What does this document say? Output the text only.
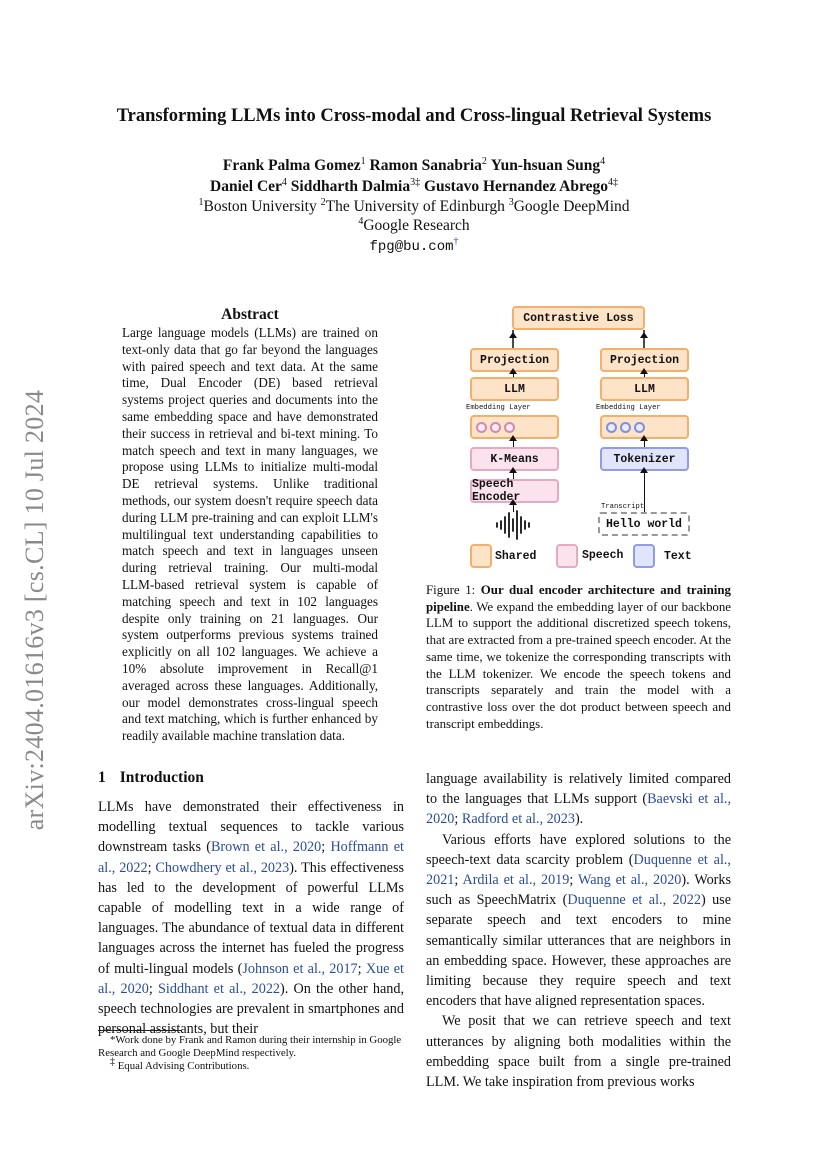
arXiv:2404.01616v3 [cs.CL] 10 Jul 2024
Transforming LLMs into Cross-modal and Cross-lingual Retrieval Systems
Frank Palma Gomez$^1$ Ramon Sanabria$^2$ Yun-hsuan Sung$^4$
Daniel Cer$^4$ Siddharth Dalmia$^{3\ddagger}$ Gustavo Hernandez Abrego$^{4\ddagger}$
$^1$Boston University $^2$The University of Edinburgh $^3$Google DeepMind
$^4$Google Research
fpg@bu.com†
Abstract
Large language models (LLMs) are trained on text-only data that go far beyond the languages with paired speech and text data. At the same time, Dual Encoder (DE) based retrieval systems project queries and documents into the same embedding space and have demonstrated their success in retrieval and bi-text mining. To match speech and text in many languages, we propose using LLMs to initialize multi-modal DE retrieval systems. Unlike traditional methods, our system doesn't require speech data during LLM pre-training and can exploit LLM's multilingual text understanding capabilities to match speech and text in languages unseen during retrieval training. Our multi-modal LLM-based retrieval system is capable of matching speech and text in 102 languages despite only training on 21 languages. Our system outperforms previous systems trained explicitly on all 102 languages. We achieve a 10% absolute improvement in Recall@1 averaged across these languages. Additionally, our model demonstrates cross-lingual speech and text matching, which is further enhanced by readily available machine translation data.
Contrastive Loss
Projection
LLM
Embedding Layer
K-Means
Speech Encoder
Projection
LLM
Embedding Layer
Tokenizer
Transcript
Hello world
Shared	Speech	Text
Figure 1: Our dual encoder architecture and training pipeline. We expand the embedding layer of our backbone LLM to support the additional discretized speech tokens, that are extracted from a pre-trained speech encoder. At the same time, we tokenize the corresponding transcripts with the LLM tokenizer. We encode the speech tokens and transcripts separately and train the model with a contrastive loss over the dot product between speech and transcript embeddings.
1 Introduction
LLMs have demonstrated their effectiveness in modelling textual sequences to tackle various downstream tasks (Brown et al., 2020; Hoffmann et al., 2022; Chowdhery et al., 2023). This effectiveness has led to the development of powerful LLMs capable of modelling text in a wide range of languages. The abundance of textual data in different languages across the internet has fueled the progress of multi-lingual models (Johnson et al., 2017; Xue et al., 2020; Siddhant et al., 2022). On the other hand, speech technologies are prevalent in smartphones and personal assistants, but their

language availability is relatively limited compared to the languages that LLMs support (Baevski et al., 2020; Radford et al., 2023).

Various efforts have explored solutions to the speech-text data scarcity problem (Duquenne et al., 2021; Ardila et al., 2019; Wang et al., 2020). Works such as SpeechMatrix (Duquenne et al., 2022) use separate speech and text encoders to mine semantically similar utterances that are neighbors in an embedding space. However, these approaches are limiting because they require speech and text encoders that have aligned representation spaces.

We posit that we can retrieve speech and text utterances by aligning both modalities within the embedding space built from a single pre-trained LLM. We take inspiration from previous works

*Work done by Frank and Ramon during their internship in Google Research and Google DeepMind respectively.
‡ Equal Advising Contributions.
